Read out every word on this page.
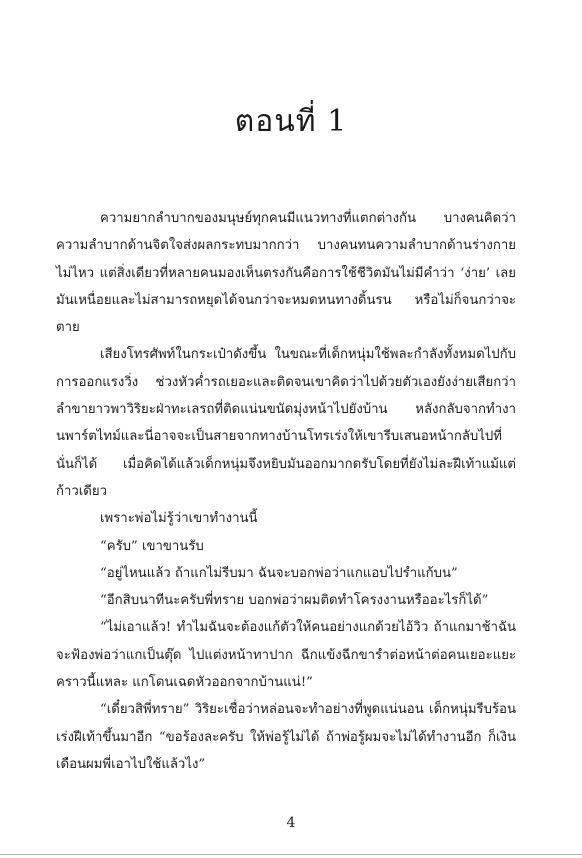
ตอนที่ 1

ความยากลำบากของมนุษย์ทุกคนมีแนวทางที่แตกต่างกัน บางคนคิดว่าความลำบากด้านจิตใจส่งผลกระทบมากกว่า บางคนทนความลำบากด้านร่างกายไม่ไหว แต่สิ่งเดียวที่หลายคนมองเห็นตรงกันคือการใช้ชีวิตมันไม่มีคำว่า ‘ง่าย’ เลย มันเหนื่อยและไม่สามารถหยุดได้จนกว่าจะหมดหนทางดิ้นรน หรือไม่ก็จนกว่าจะตาย

เสียงโทรศัพท์ในกระเป๋าดังขึ้น ในขณะที่เด็กหนุ่มใช้พละกำลังทั้งหมดไปกับการออกแรงวิ่ง ช่วงหัวค่ำรถเยอะและติดจนเขาคิดว่าไปด้วยตัวเองยังง่ายเสียกว่า ลำขายาวพาวิริยะฝ่าทะเลรถที่ติดแน่นขนัดมุ่งหน้าไปยังบ้าน หลังกลับจากทำงานพาร์ตไทม์และนี่อาจจะเป็นสายจากทางบ้านโทรเร่งให้เขารีบเสนอหน้ากลับไปที่นั่นก็ได้ เมื่อคิดได้แล้วเด็กหนุ่มจึงหยิบมันออกมากดรับโดยที่ยังไม่ละฝีเท้าแม้แต่ก้าวเดียว

เพราะพ่อไม่รู้ว่าเขาทำงานนี้

“ครับ” เขาขานรับ

“อยู่ไหนแล้ว ถ้าแกไม่รีบมา ฉันจะบอกพ่อว่าแกแอบไปรำแก้บน”

“อีกสิบนาทีนะครับพี่ทราย บอกพ่อว่าผมติดทำโครงงานหรืออะไรก็ได้”

“ไม่เอาแล้ว! ทำไมฉันจะต้องแก้ตัวให้คนอย่างแกด้วยไอ้วิว ถ้าแกมาช้าฉันจะฟ้องพ่อว่าแกเป็นตุ๊ด ไปแต่งหน้าทาปาก ฉีกแข้งฉีกขารำต่อหน้าต่อคนเยอะแยะ คราวนี้แหละ แกโดนเฉดหัวออกจากบ้านแน่!”

“เดี๋ยวสิพี่ทราย” วิริยะเชื่อว่าหล่อนจะทำอย่างที่พูดแน่นอน เด็กหนุ่มรีบร้อนเร่งฝีเท้าขึ้นมาอีก “ขอร้องละครับ ให้พ่อรู้ไม่ได้ ถ้าพ่อรู้ผมจะไม่ได้ทำงานอีก ก็เงินเดือนผมพี่เอาไปใช้แล้วไง”

4
